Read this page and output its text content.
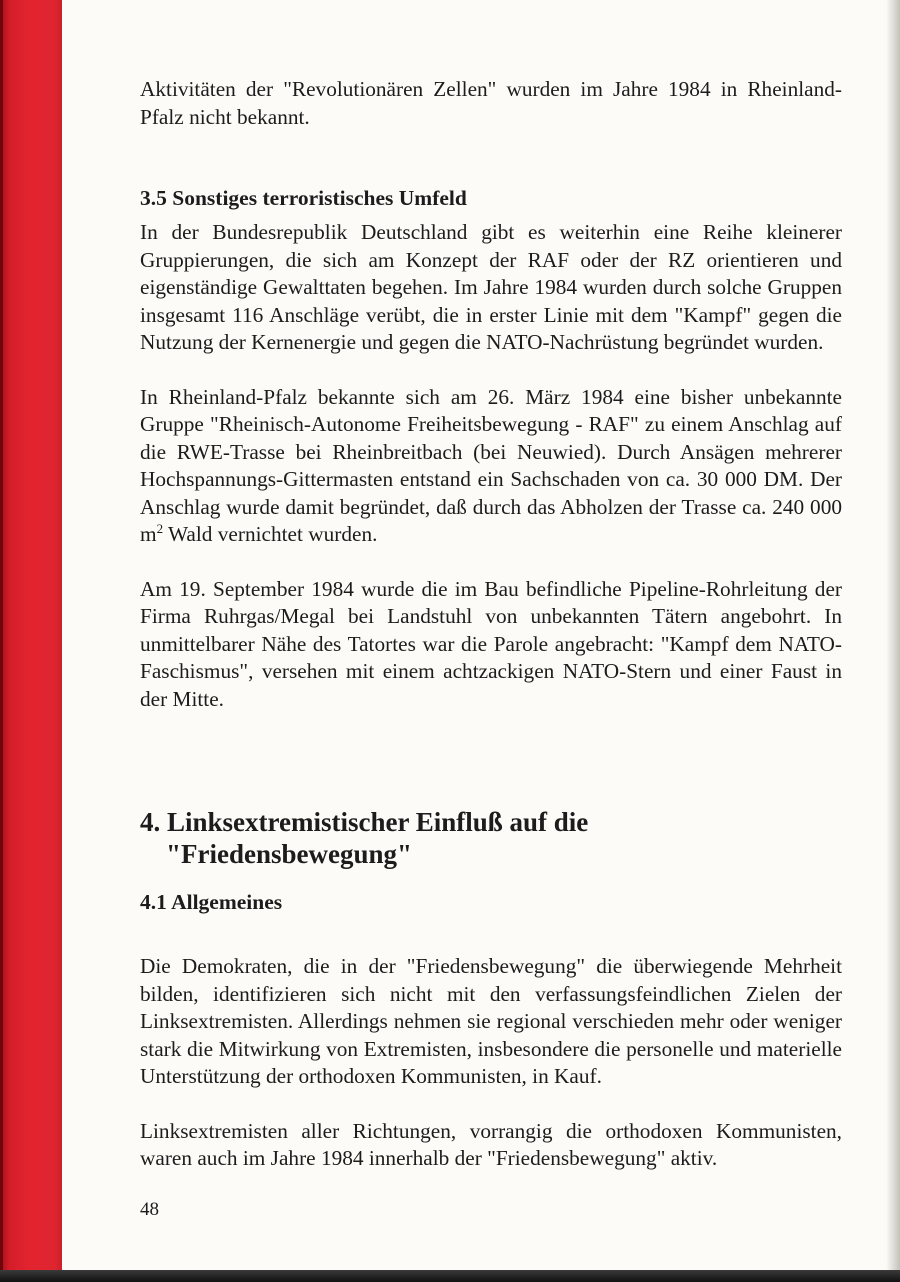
Aktivitäten der "Revolutionären Zellen" wurden im Jahre 1984 in Rheinland-Pfalz nicht bekannt.

3.5 Sonstiges terroristisches Umfeld

In der Bundesrepublik Deutschland gibt es weiterhin eine Reihe kleinerer Gruppierungen, die sich am Konzept der RAF oder der RZ orientieren und eigenständige Gewalttaten begehen. Im Jahre 1984 wurden durch solche Gruppen insgesamt 116 Anschläge verübt, die in erster Linie mit dem "Kampf" gegen die Nutzung der Kernenergie und gegen die NATO-Nachrüstung begründet wurden.

In Rheinland-Pfalz bekannte sich am 26. März 1984 eine bisher unbekannte Gruppe "Rheinisch-Autonome Freiheitsbewegung - RAF" zu einem Anschlag auf die RWE-Trasse bei Rheinbreitbach (bei Neuwied). Durch Ansägen mehrerer Hochspannungs-Gittermasten entstand ein Sachschaden von ca. 30 000 DM. Der Anschlag wurde damit begründet, daß durch das Abholzen der Trasse ca. 240 000 $m^2$ Wald vernichtet wurden.

Am 19. September 1984 wurde die im Bau befindliche Pipeline-Rohrleitung der Firma Ruhrgas/Megal bei Landstuhl von unbekannten Tätern angebohrt. In unmittelbarer Nähe des Tatortes war die Parole angebracht: "Kampf dem NATO-Faschismus", versehen mit einem achtzackigen NATO-Stern und einer Faust in der Mitte.

4. Linksextremistischer Einfluß auf die
"Friedensbewegung"
4.1 Allgemeines

Die Demokraten, die in der "Friedensbewegung" die überwiegende Mehrheit bilden, identifizieren sich nicht mit den verfassungsfeindlichen Zielen der Linksextremisten. Allerdings nehmen sie regional verschieden mehr oder weniger stark die Mitwirkung von Extremisten, insbesondere die personelle und materielle Unterstützung der orthodoxen Kommunisten, in Kauf.

Linksextremisten aller Richtungen, vorrangig die orthodoxen Kommunisten, waren auch im Jahre 1984 innerhalb der "Friedensbewegung" aktiv.

48
